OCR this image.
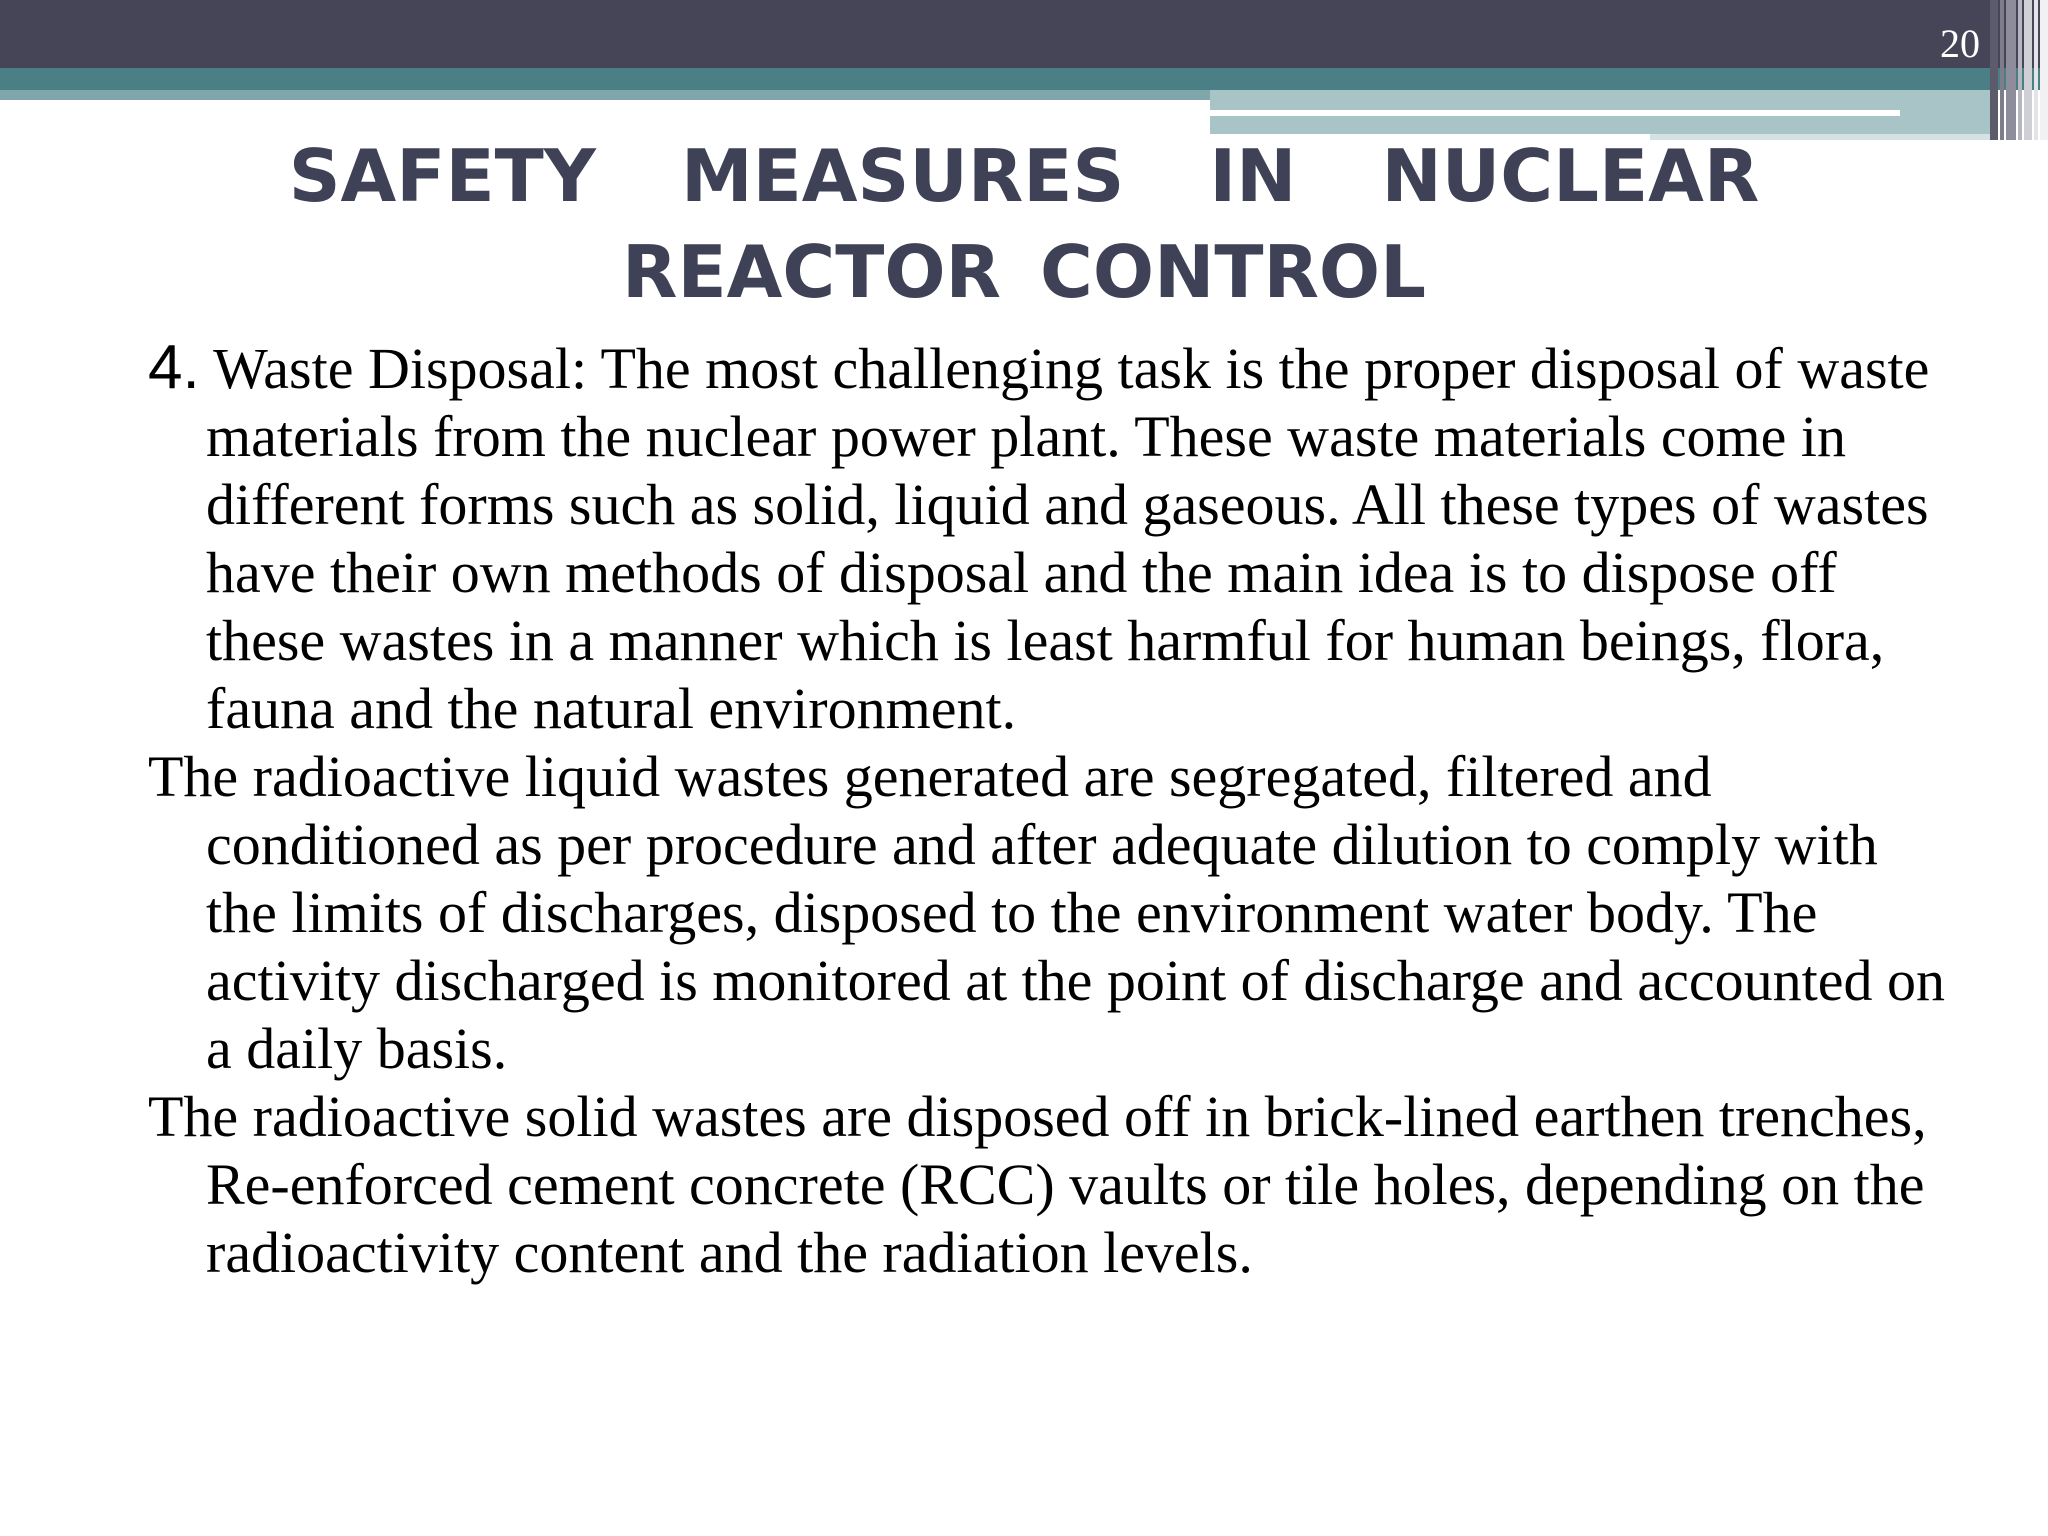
20
SAFETY MEASURES IN NUCLEAR
REACTOR CONTROL

4. Waste Disposal: The most challenging task is the proper disposal of waste materials from the nuclear power plant. These waste materials come in different forms such as solid, liquid and gaseous. All these types of wastes have their own methods of disposal and the main idea is to dispose off these wastes in a manner which is least harmful for human beings, flora, fauna and the natural environment.

The radioactive liquid wastes generated are segregated, filtered and conditioned as per procedure and after adequate dilution to comply with the limits of discharges, disposed to the environment water body. The activity discharged is monitored at the point of discharge and accounted on a daily basis.

The radioactive solid wastes are disposed off in brick-lined earthen trenches, Re-enforced cement concrete (RCC) vaults or tile holes, depending on the radioactivity content and the radiation levels.
